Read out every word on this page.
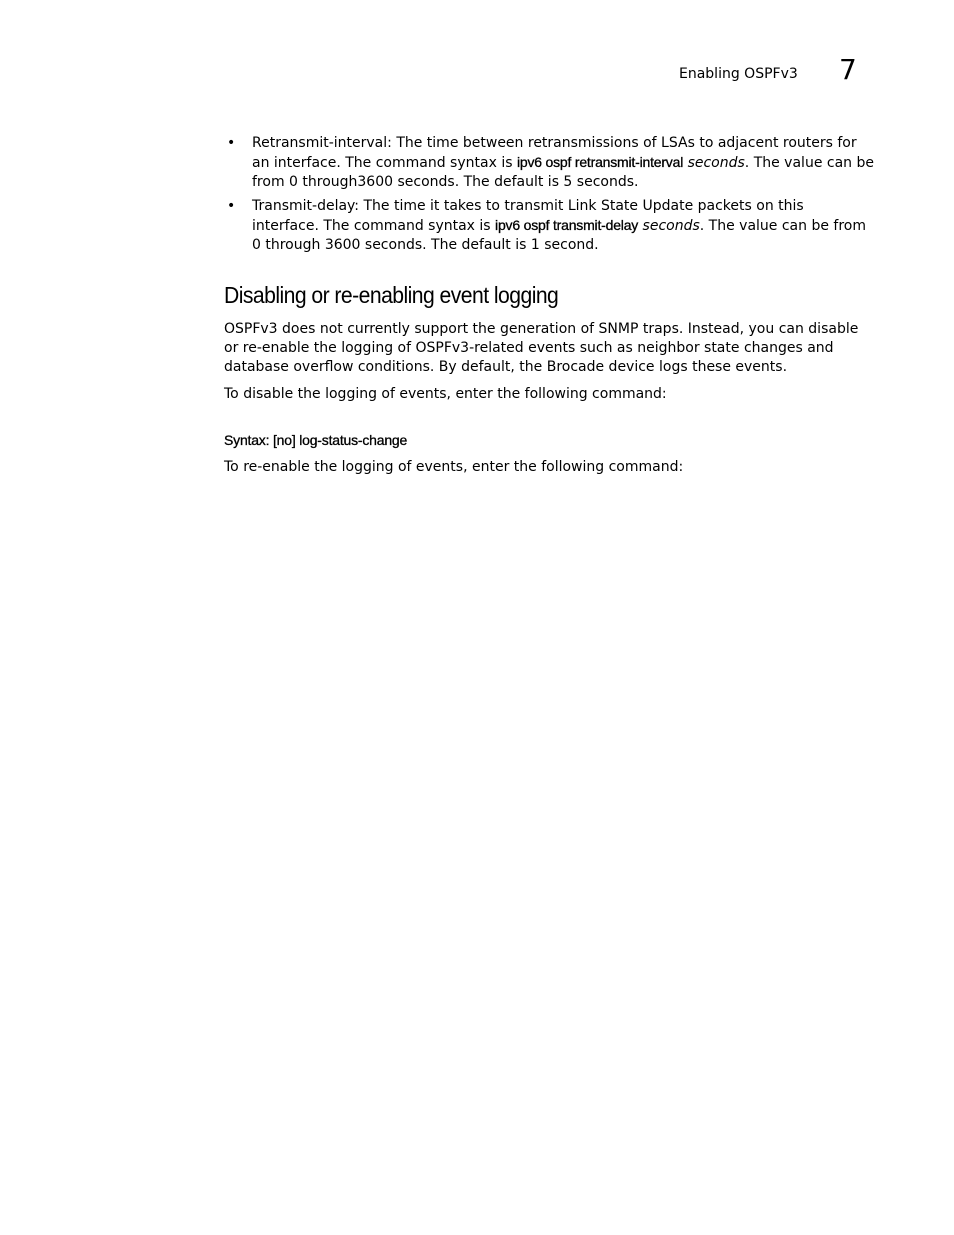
Enabling OSPFv3 7
• Retransmit-interval: The time between retransmissions of LSAs to adjacent routers for an interface. The command syntax is ipv6 ospf retransmit-interval seconds. The value can be from 0 through3600 seconds. The default is 5 seconds.
• Transmit-delay: The time it takes to transmit Link State Update packets on this interface. The command syntax is ipv6 ospf transmit-delay seconds. The value can be from 0 through 3600 seconds. The default is 1 second.
Disabling or re-enabling event logging

OSPFv3 does not currently support the generation of SNMP traps. Instead, you can disable or re-enable the logging of OSPFv3-related events such as neighbor state changes and database overflow conditions. By default, the Brocade device logs these events.

To disable the logging of events, enter the following command:

Syntax: [no] log-status-change

To re-enable the logging of events, enter the following command:
